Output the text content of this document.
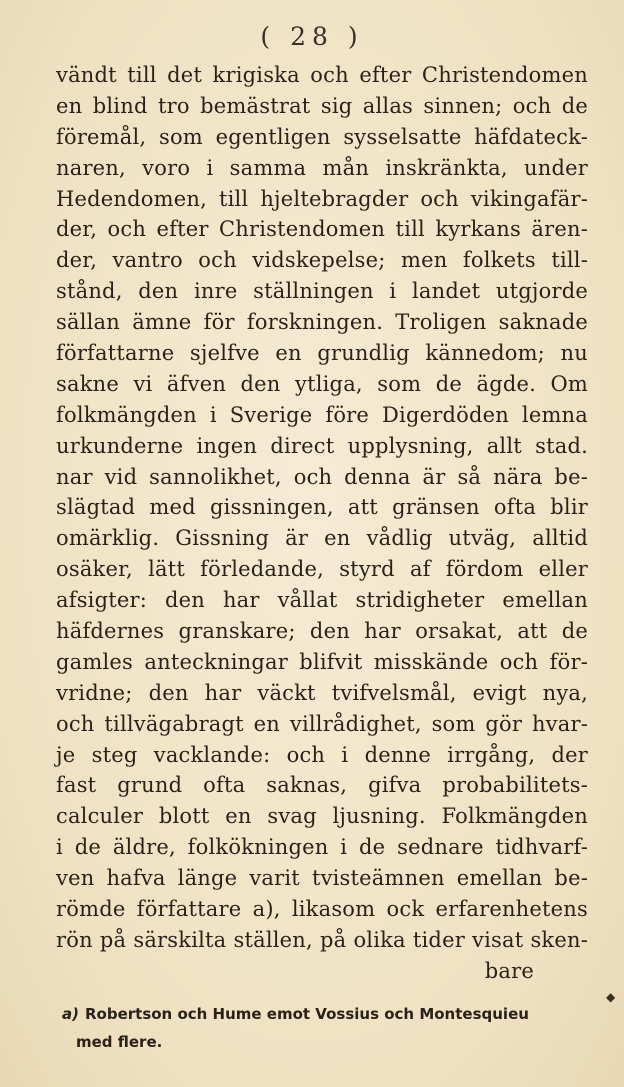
( 28 )
vändt till det krigiska och efter Christendomen
en blind tro bemästrat sig allas sinnen; och de
föremål, som egentligen sysselsatte häfdateck-
naren, voro i samma mån inskränkta, under
Hedendomen, till hjeltebragder och vikingafär-
der, och efter Christendomen till kyrkans ären-
der, vantro och vidskepelse; men folkets till-
stånd, den inre ställningen i landet utgjorde
sällan ämne för forskningen. Troligen saknade
författarne sjelfve en grundlig kännedom; nu
sakne vi äfven den ytliga, som de ägde. Om
folkmängden i Sverige före Digerdöden lemna
urkunderne ingen direct upplysning, allt stad.
nar vid sannolikhet, och denna är så nära be-
slägtad med gissningen, att gränsen ofta blir
omärklig. Gissning är en vådlig utväg, alltid
osäker, lätt förledande, styrd af fördom eller
afsigter: den har vållat stridigheter emellan
häfdernes granskare; den har orsakat, att de
gamles anteckningar blifvit misskände och för-
vridne; den har väckt tvifvelsmål, evigt nya,
och tillvägabragt en villrådighet, som gör hvar-
je steg vacklande: och i denne irrgång, der
fast grund ofta saknas, gifva probabilitets-
calculer blott en svag ljusning. Folkmängden
i de äldre, folkökningen i de sednare tidhvarf-
ven hafva länge varit tvisteämnen emellan be-
römde författare a), likasom ock erfarenhetens
rön på särskilta ställen, på olika tider visat sken-
bare
a) Robertson och Hume emot Vossius och Montesquieu
med flere.
◆
